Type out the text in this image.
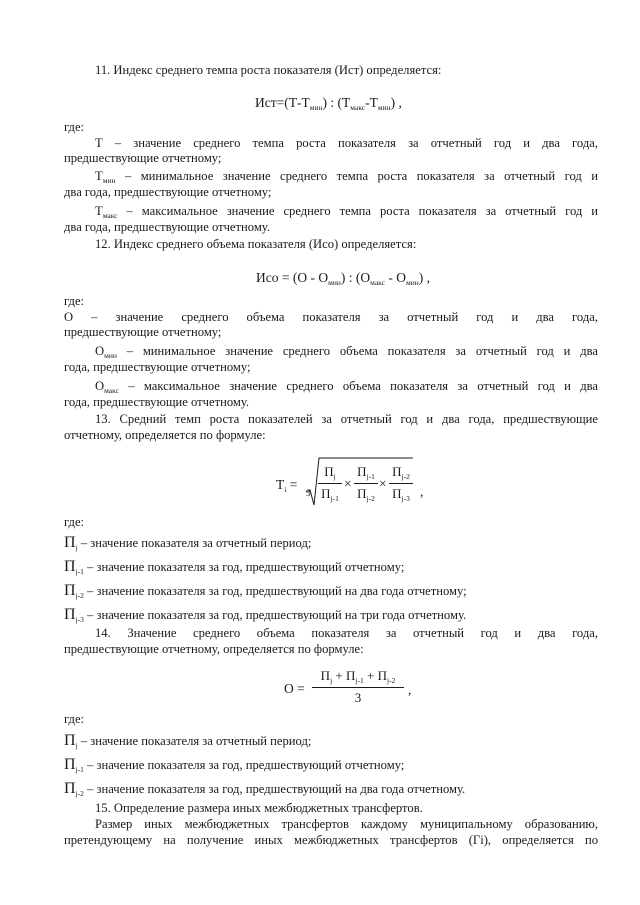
11. Индекс среднего темпа роста показателя (Ист) определяется:
$Ист=(Т-Т_{мин})$ : $(Т_{макс}-Т_{мин})$ ,
где:
Т – значение среднего темпа роста показателя за отчетный год и два года,
предшествующие отчетному;
$Т_{мин}$ – минимальное значение среднего темпа роста показателя за отчетный год и
два года, предшествующие отчетному;
$Т_{макс}$ – максимальное значение среднего темпа роста показателя за отчетный год и
два года, предшествующие отчетному.
12. Индекс среднего объема показателя (Исо) определяется:
Исо = $(О - О_{мин})$ : $(О_{макс} - О_{мин})$ ,
где:
О – значение среднего объема показателя за отчетный год и два года,
предшествующие отчетному;
$О_{мин}$ – минимальное значение среднего объема показателя за отчетный год и два
года, предшествующие отчетному;
$О_{макс}$ – максимальное значение среднего объема показателя за отчетный год и два
года, предшествующие отчетному.
13. Средний темп роста показателей за отчетный год и два года, предшествующие
отчетному, определяется по формуле:
$Т_i$ =
3
$П_j$
$П_{j-1}$
×
$П_{j-1}$
$П_{j-2}$
×
$П_{j-2}$
$П_{j-3}$ ,
где:
$П_j$ – значение показателя за отчетный период;
$П_{j-1}$ – значение показателя за год, предшествующий отчетному;
$П_{j-2}$ – значение показателя за год, предшествующий на два года отчетному;
$П_{j-3}$ – значение показателя за год, предшествующий на три года отчетному.
14. Значение среднего объема показателя за отчетный год и два года,
предшествующие отчетному, определяется по формуле:
О =
$П_j + П_{j-1} + П_{j-2}$
3
,
где:
$П_j$ – значение показателя за отчетный период;
$П_{j-1}$ – значение показателя за год, предшествующий отчетному;
$П_{j-2}$ – значение показателя за год, предшествующий на два года отчетному.
15. Определение размера иных межбюджетных трансфертов.
Размер иных межбюджетных трансфертов каждому муниципальному образованию,
претендующему на получение иных межбюджетных трансфертов (Гi), определяется по
